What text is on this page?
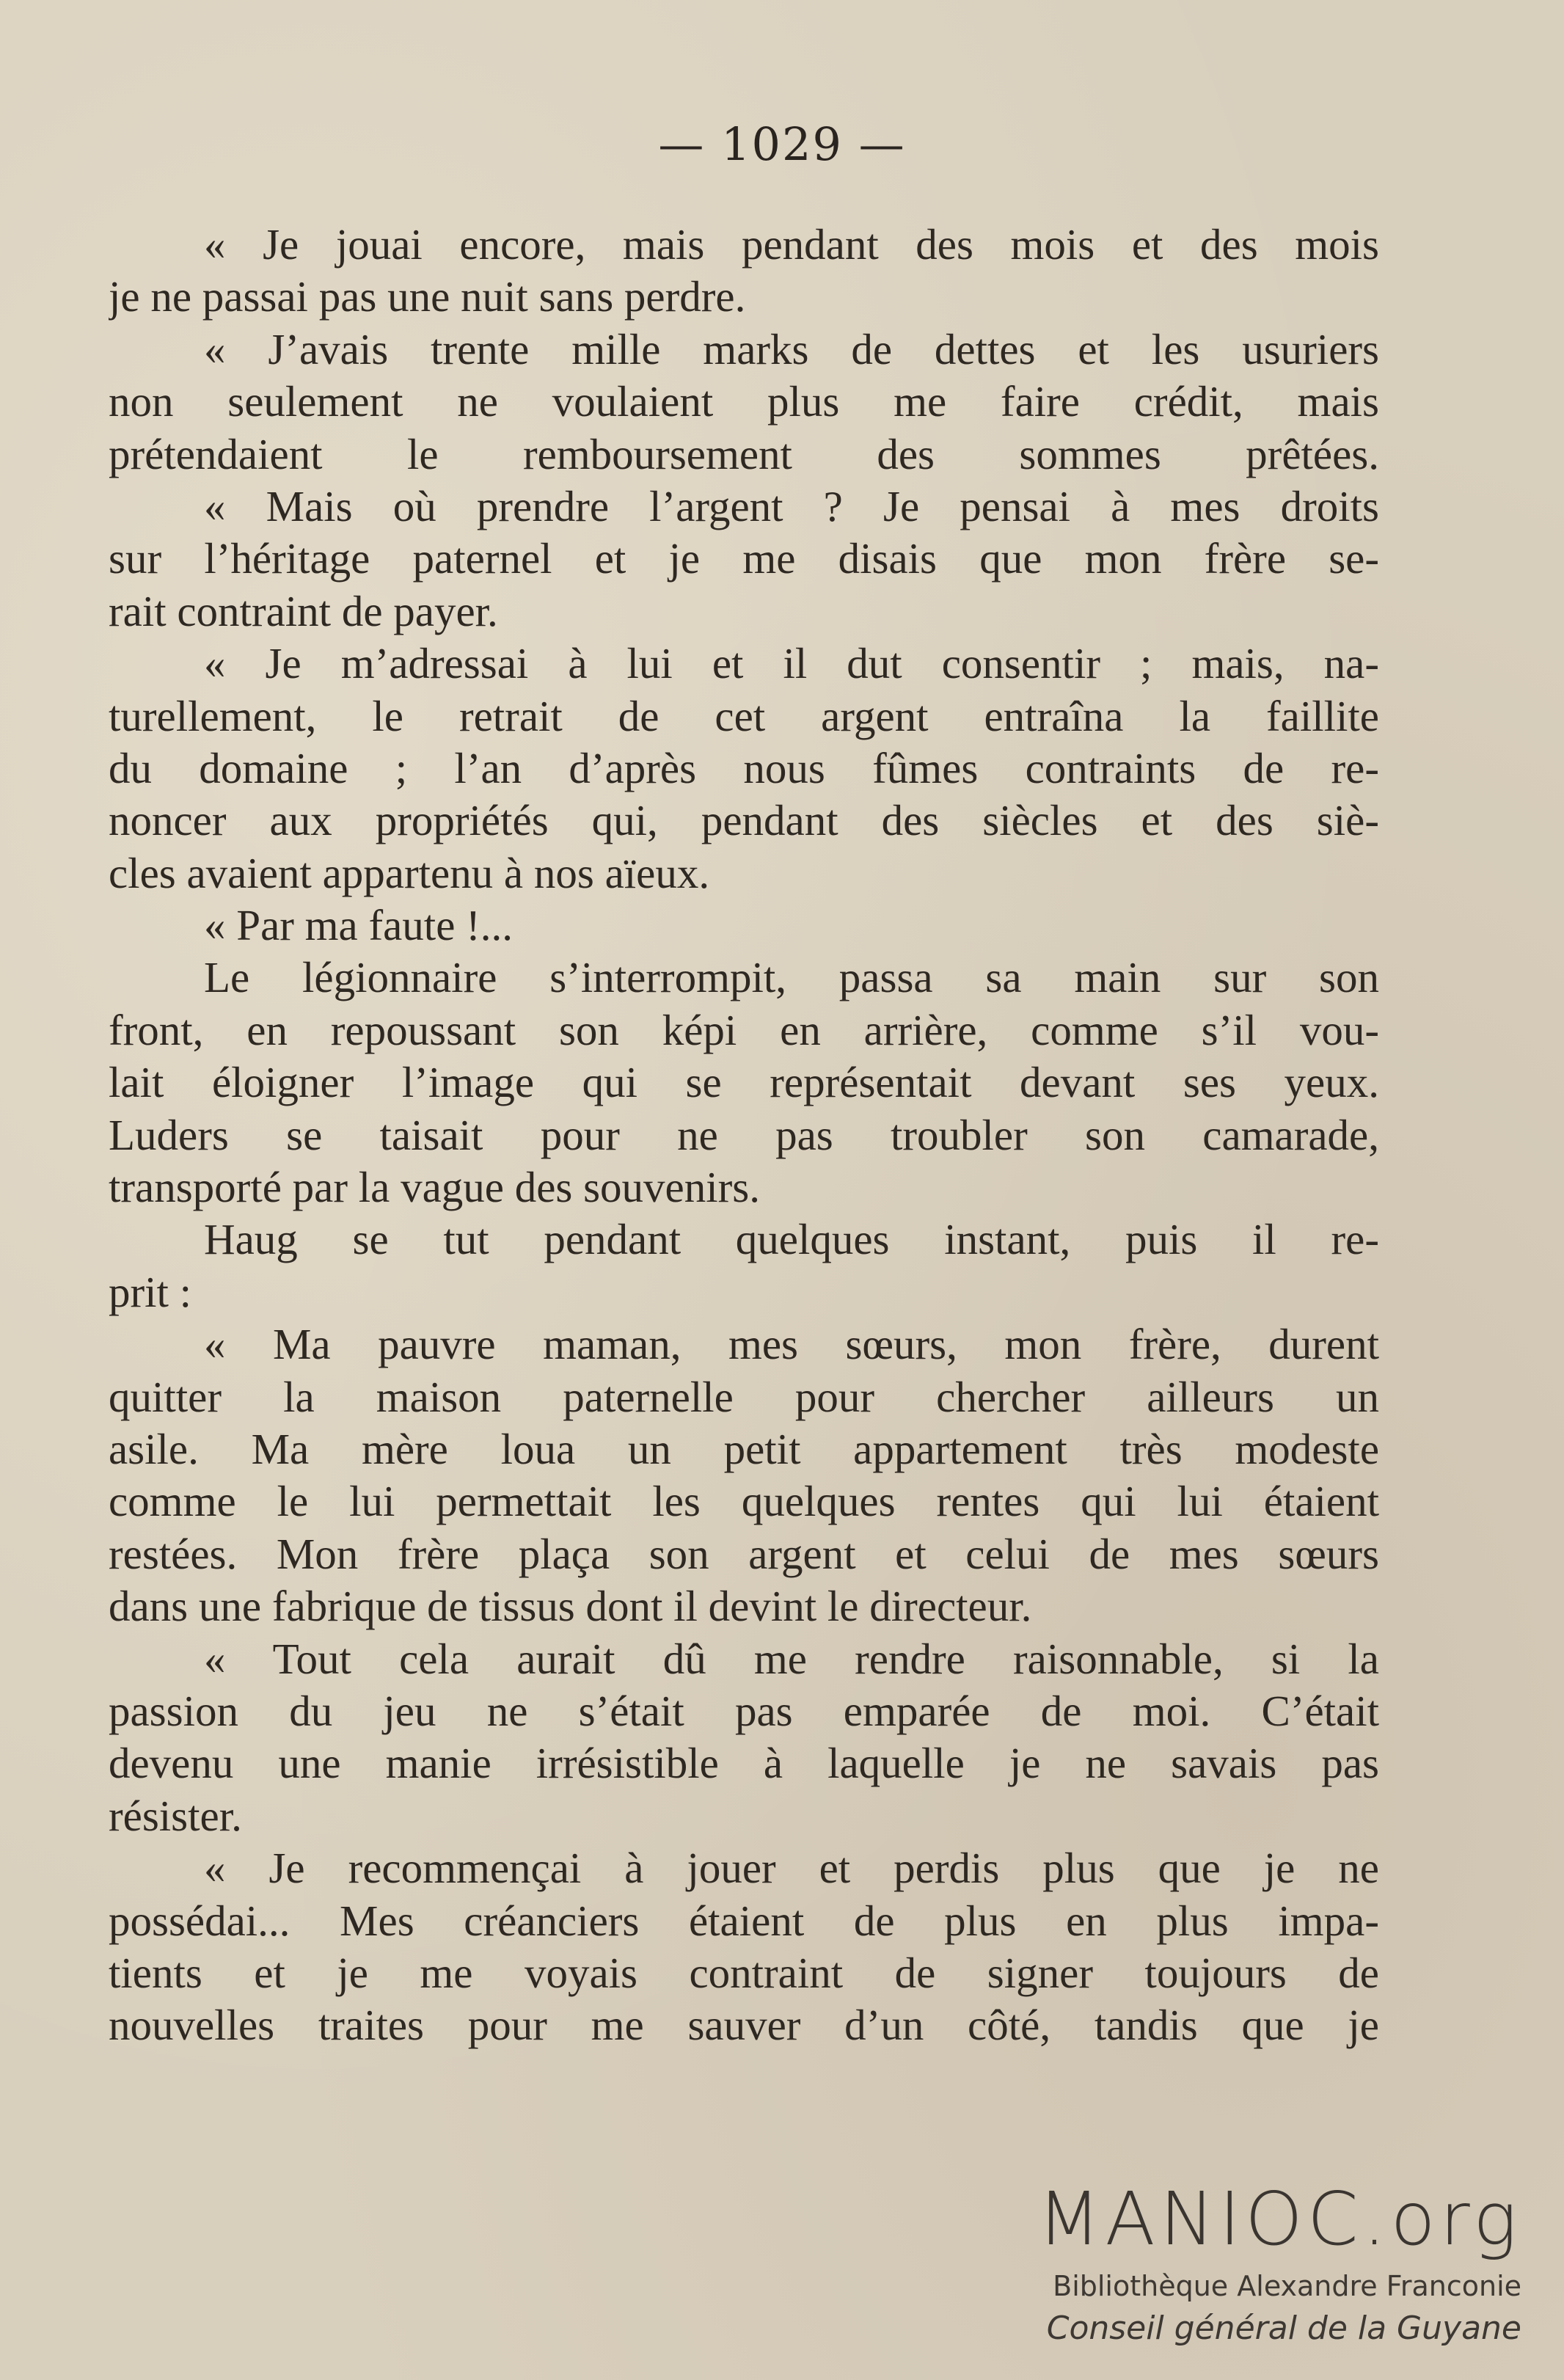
— 1029 —
« Je jouai encore, mais pendant des mois et des mois
je ne passai pas une nuit sans perdre.
« J’avais trente mille marks de dettes et les usuriers
non seulement ne voulaient plus me faire crédit, mais
prétendaient le remboursement des sommes prêtées.
« Mais où prendre l’argent ? Je pensai à mes droits
sur l’héritage paternel et je me disais que mon frère se-
rait contraint de payer.
« Je m’adressai à lui et il dut consentir ; mais, na-
turellement, le retrait de cet argent entraîna la faillite
du domaine ; l’an d’après nous fûmes contraints de re-
noncer aux propriétés qui, pendant des siècles et des siè-
cles avaient appartenu à nos aïeux.
« Par ma faute !...
Le légionnaire s’interrompit, passa sa main sur son
front, en repoussant son képi en arrière, comme s’il vou-
lait éloigner l’image qui se représentait devant ses yeux.
Luders se taisait pour ne pas troubler son camarade,
transporté par la vague des souvenirs.
Haug se tut pendant quelques instant, puis il re-
prit :
« Ma pauvre maman, mes sœurs, mon frère, durent
quitter la maison paternelle pour chercher ailleurs un
asile. Ma mère loua un petit appartement très modeste
comme le lui permettait les quelques rentes qui lui étaient
restées. Mon frère plaça son argent et celui de mes sœurs
dans une fabrique de tissus dont il devint le directeur.
« Tout cela aurait dû me rendre raisonnable, si la
passion du jeu ne s’était pas emparée de moi. C’était
devenu une manie irrésistible à laquelle je ne savais pas
résister.
« Je recommençai à jouer et perdis plus que je ne
possédai... Mes créanciers étaient de plus en plus impa-
tients et je me voyais contraint de signer toujours de
nouvelles traites pour me sauver d’un côté, tandis que je
MANIOC.org
Bibliothèque Alexandre Franconie
Conseil général de la Guyane
